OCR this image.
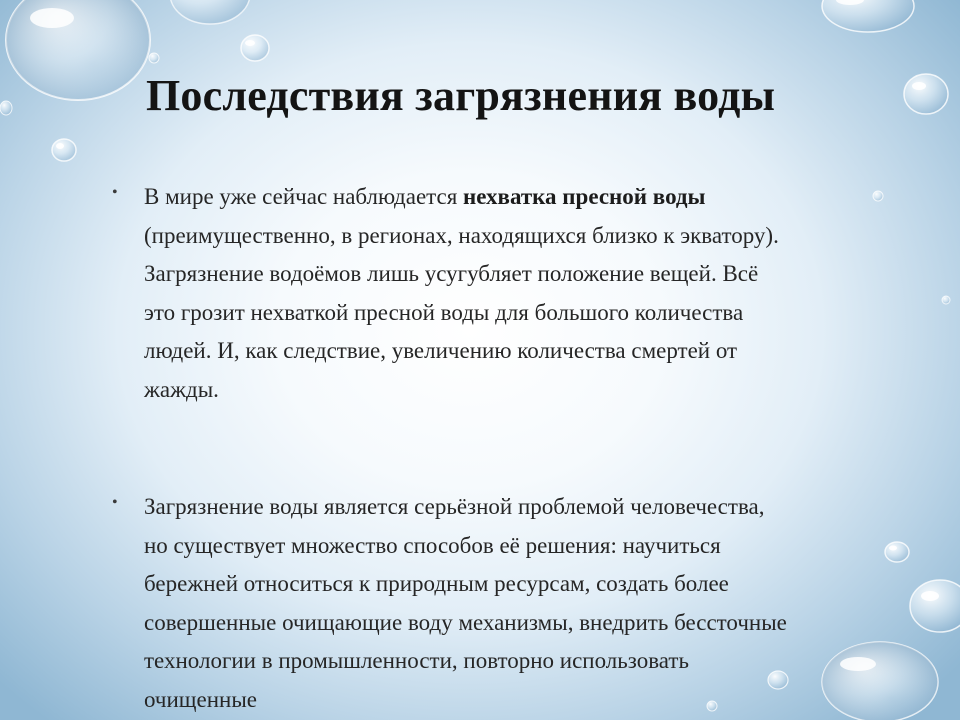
Последствия загрязнения воды
• В мире уже сейчас наблюдается нехватка пресной воды (преимущественно, в регионах, находящихся близко к экватору). Загрязнение водоёмов лишь усугубляет положение вещей. Всё это грозит нехваткой пресной воды для большого количества людей. И, как следствие, увеличению количества смертей от жажды.
• Загрязнение воды является серьёзной проблемой человечества, но существует множество способов её решения: научиться бережней относиться к природным ресурсам, создать более совершенные очищающие воду механизмы, внедрить бессточные технологии в промышленности, повторно использовать очищенные
